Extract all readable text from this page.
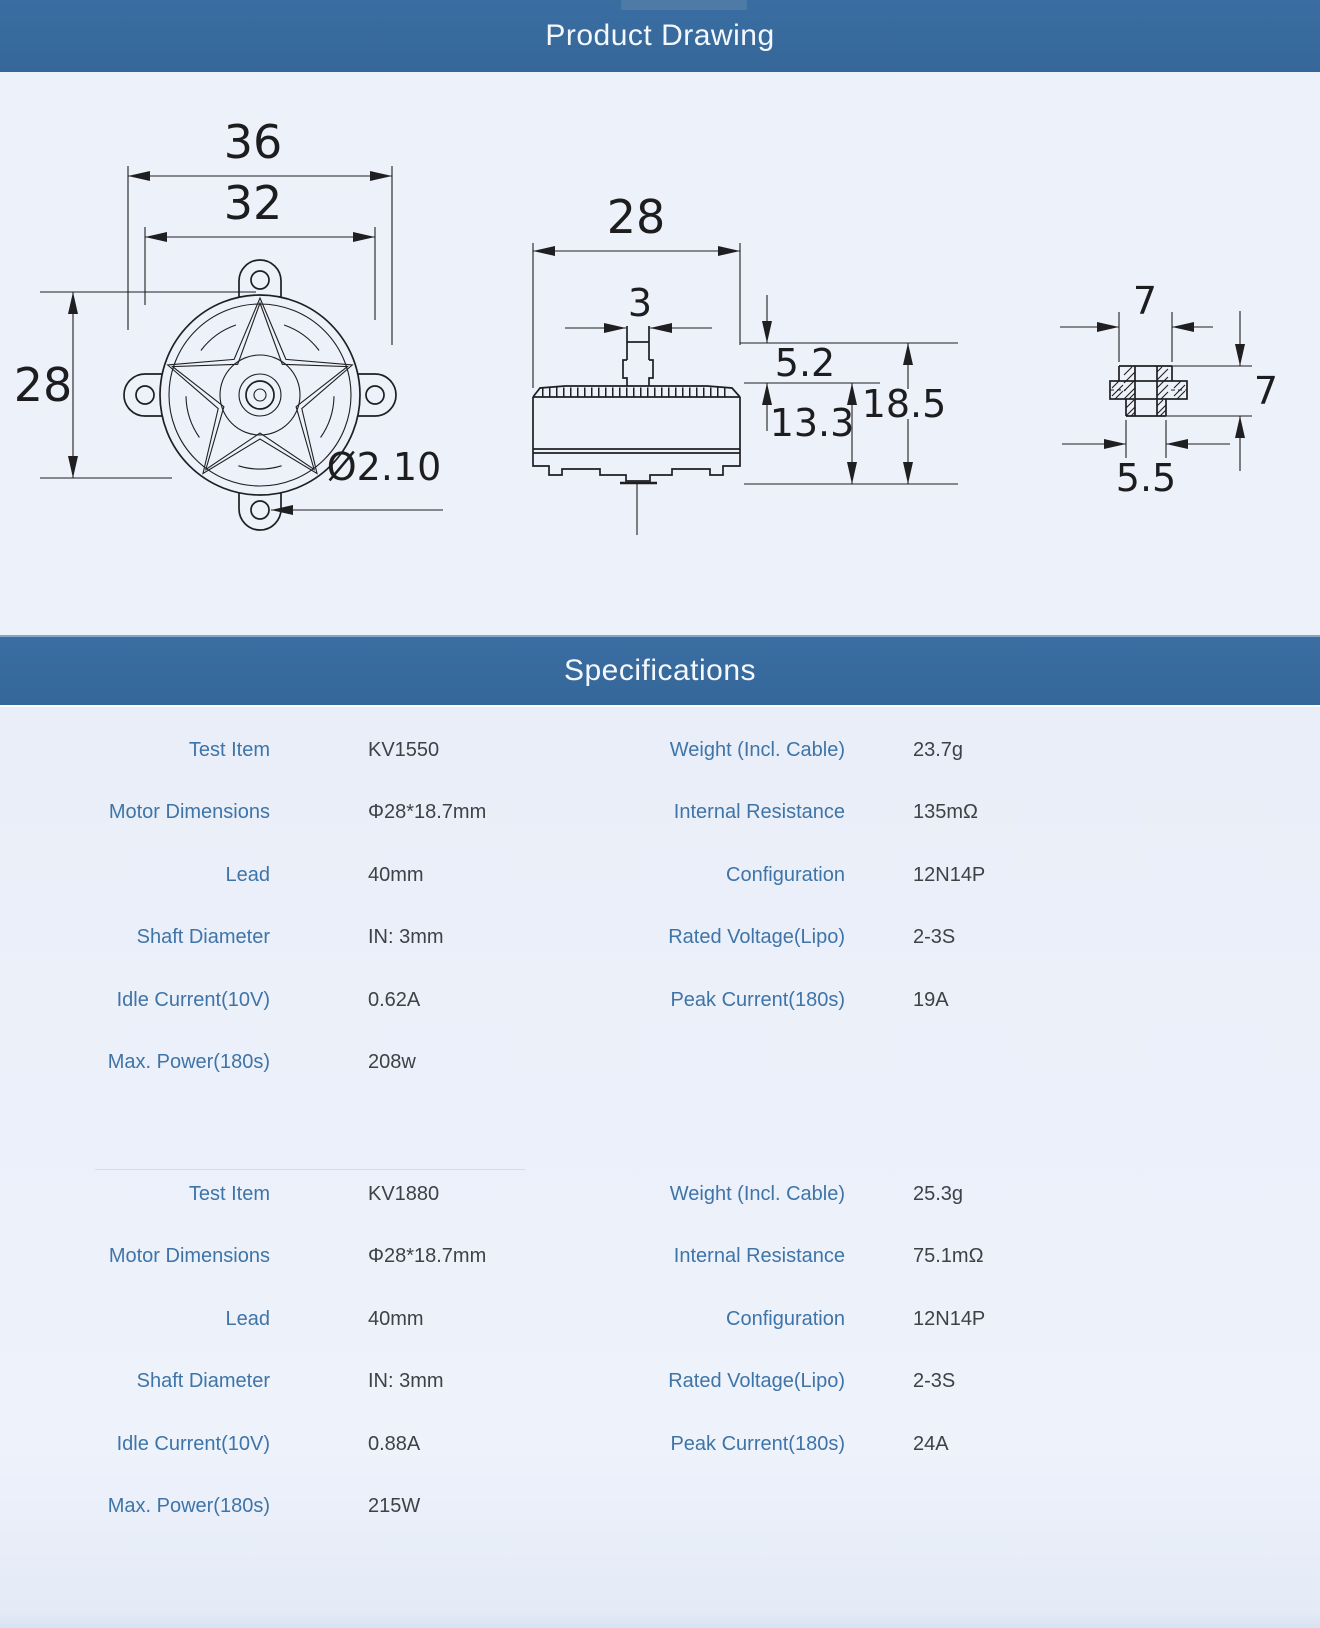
Product Drawing
36
32
28
Ø2.10
28
3
5.2
13.3 18.5
7
7
5.5
Specifications
Test Item	KV1550	Weight (Incl. Cable)	23.7g
Motor Dimensions	Φ28*18.7mm	Internal Resistance	135mΩ
Lead	40mm	Configuration	12N14P
Shaft Diameter	IN: 3mm	Rated Voltage(Lipo)	2-3S
Idle Current(10V)	0.62A	Peak Current(180s)	19A
Max. Power(180s)	208w
Test Item	KV1880	Weight (Incl. Cable)	25.3g
Motor Dimensions	Φ28*18.7mm	Internal Resistance	75.1mΩ
Lead	40mm	Configuration	12N14P
Shaft Diameter	IN: 3mm	Rated Voltage(Lipo)	2-3S
Idle Current(10V)	0.88A	Peak Current(180s)	24A
Max. Power(180s)	215W
